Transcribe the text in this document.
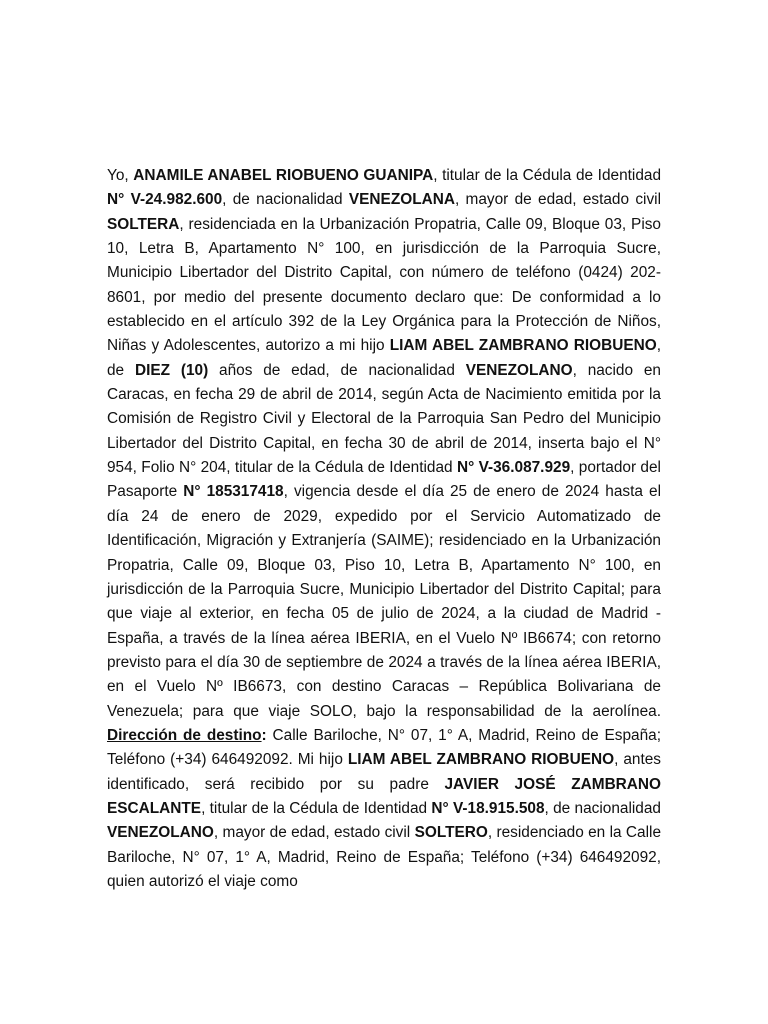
Yo, ANAMILE ANABEL RIOBUENO GUANIPA, titular de la Cédula de Identidad N° V-24.982.600, de nacionalidad VENEZOLANA, mayor de edad, estado civil SOLTERA, residenciada en la Urbanización Propatria, Calle 09, Bloque 03, Piso 10, Letra B, Apartamento N° 100, en jurisdicción de la Parroquia Sucre, Municipio Libertador del Distrito Capital, con número de teléfono (0424) 202-8601, por medio del presente documento declaro que: De conformidad a lo establecido en el artículo 392 de la Ley Orgánica para la Protección de Niños, Niñas y Adolescentes, autorizo a mi hijo LIAM ABEL ZAMBRANO RIOBUENO, de DIEZ (10) años de edad, de nacionalidad VENEZOLANO, nacido en Caracas, en fecha 29 de abril de 2014, según Acta de Nacimiento emitida por la Comisión de Registro Civil y Electoral de la Parroquia San Pedro del Municipio Libertador del Distrito Capital, en fecha 30 de abril de 2014, inserta bajo el N° 954, Folio N° 204, titular de la Cédula de Identidad N° V-36.087.929, portador del Pasaporte N° 185317418, vigencia desde el día 25 de enero de 2024 hasta el día 24 de enero de 2029, expedido por el Servicio Automatizado de Identificación, Migración y Extranjería (SAIME); residenciado en la Urbanización Propatria, Calle 09, Bloque 03, Piso 10, Letra B, Apartamento N° 100, en jurisdicción de la Parroquia Sucre, Municipio Libertador del Distrito Capital; para que viaje al exterior, en fecha 05 de julio de 2024, a la ciudad de Madrid - España, a través de la línea aérea IBERIA, en el Vuelo Nº IB6674; con retorno previsto para el día 30 de septiembre de 2024 a través de la línea aérea IBERIA, en el Vuelo Nº IB6673, con destino Caracas – República Bolivariana de Venezuela; para que viaje SOLO, bajo la responsabilidad de la aerolínea. Dirección de destino: Calle Bariloche, N° 07, 1° A, Madrid, Reino de España; Teléfono (+34) 646492092. Mi hijo LIAM ABEL ZAMBRANO RIOBUENO, antes identificado, será recibido por su padre JAVIER JOSÉ ZAMBRANO ESCALANTE, titular de la Cédula de Identidad N° V-18.915.508, de nacionalidad VENEZOLANO, mayor de edad, estado civil SOLTERO, residenciado en la Calle Bariloche, N° 07, 1° A, Madrid, Reino de España; Teléfono (+34) 646492092, quien autorizó el viaje como
